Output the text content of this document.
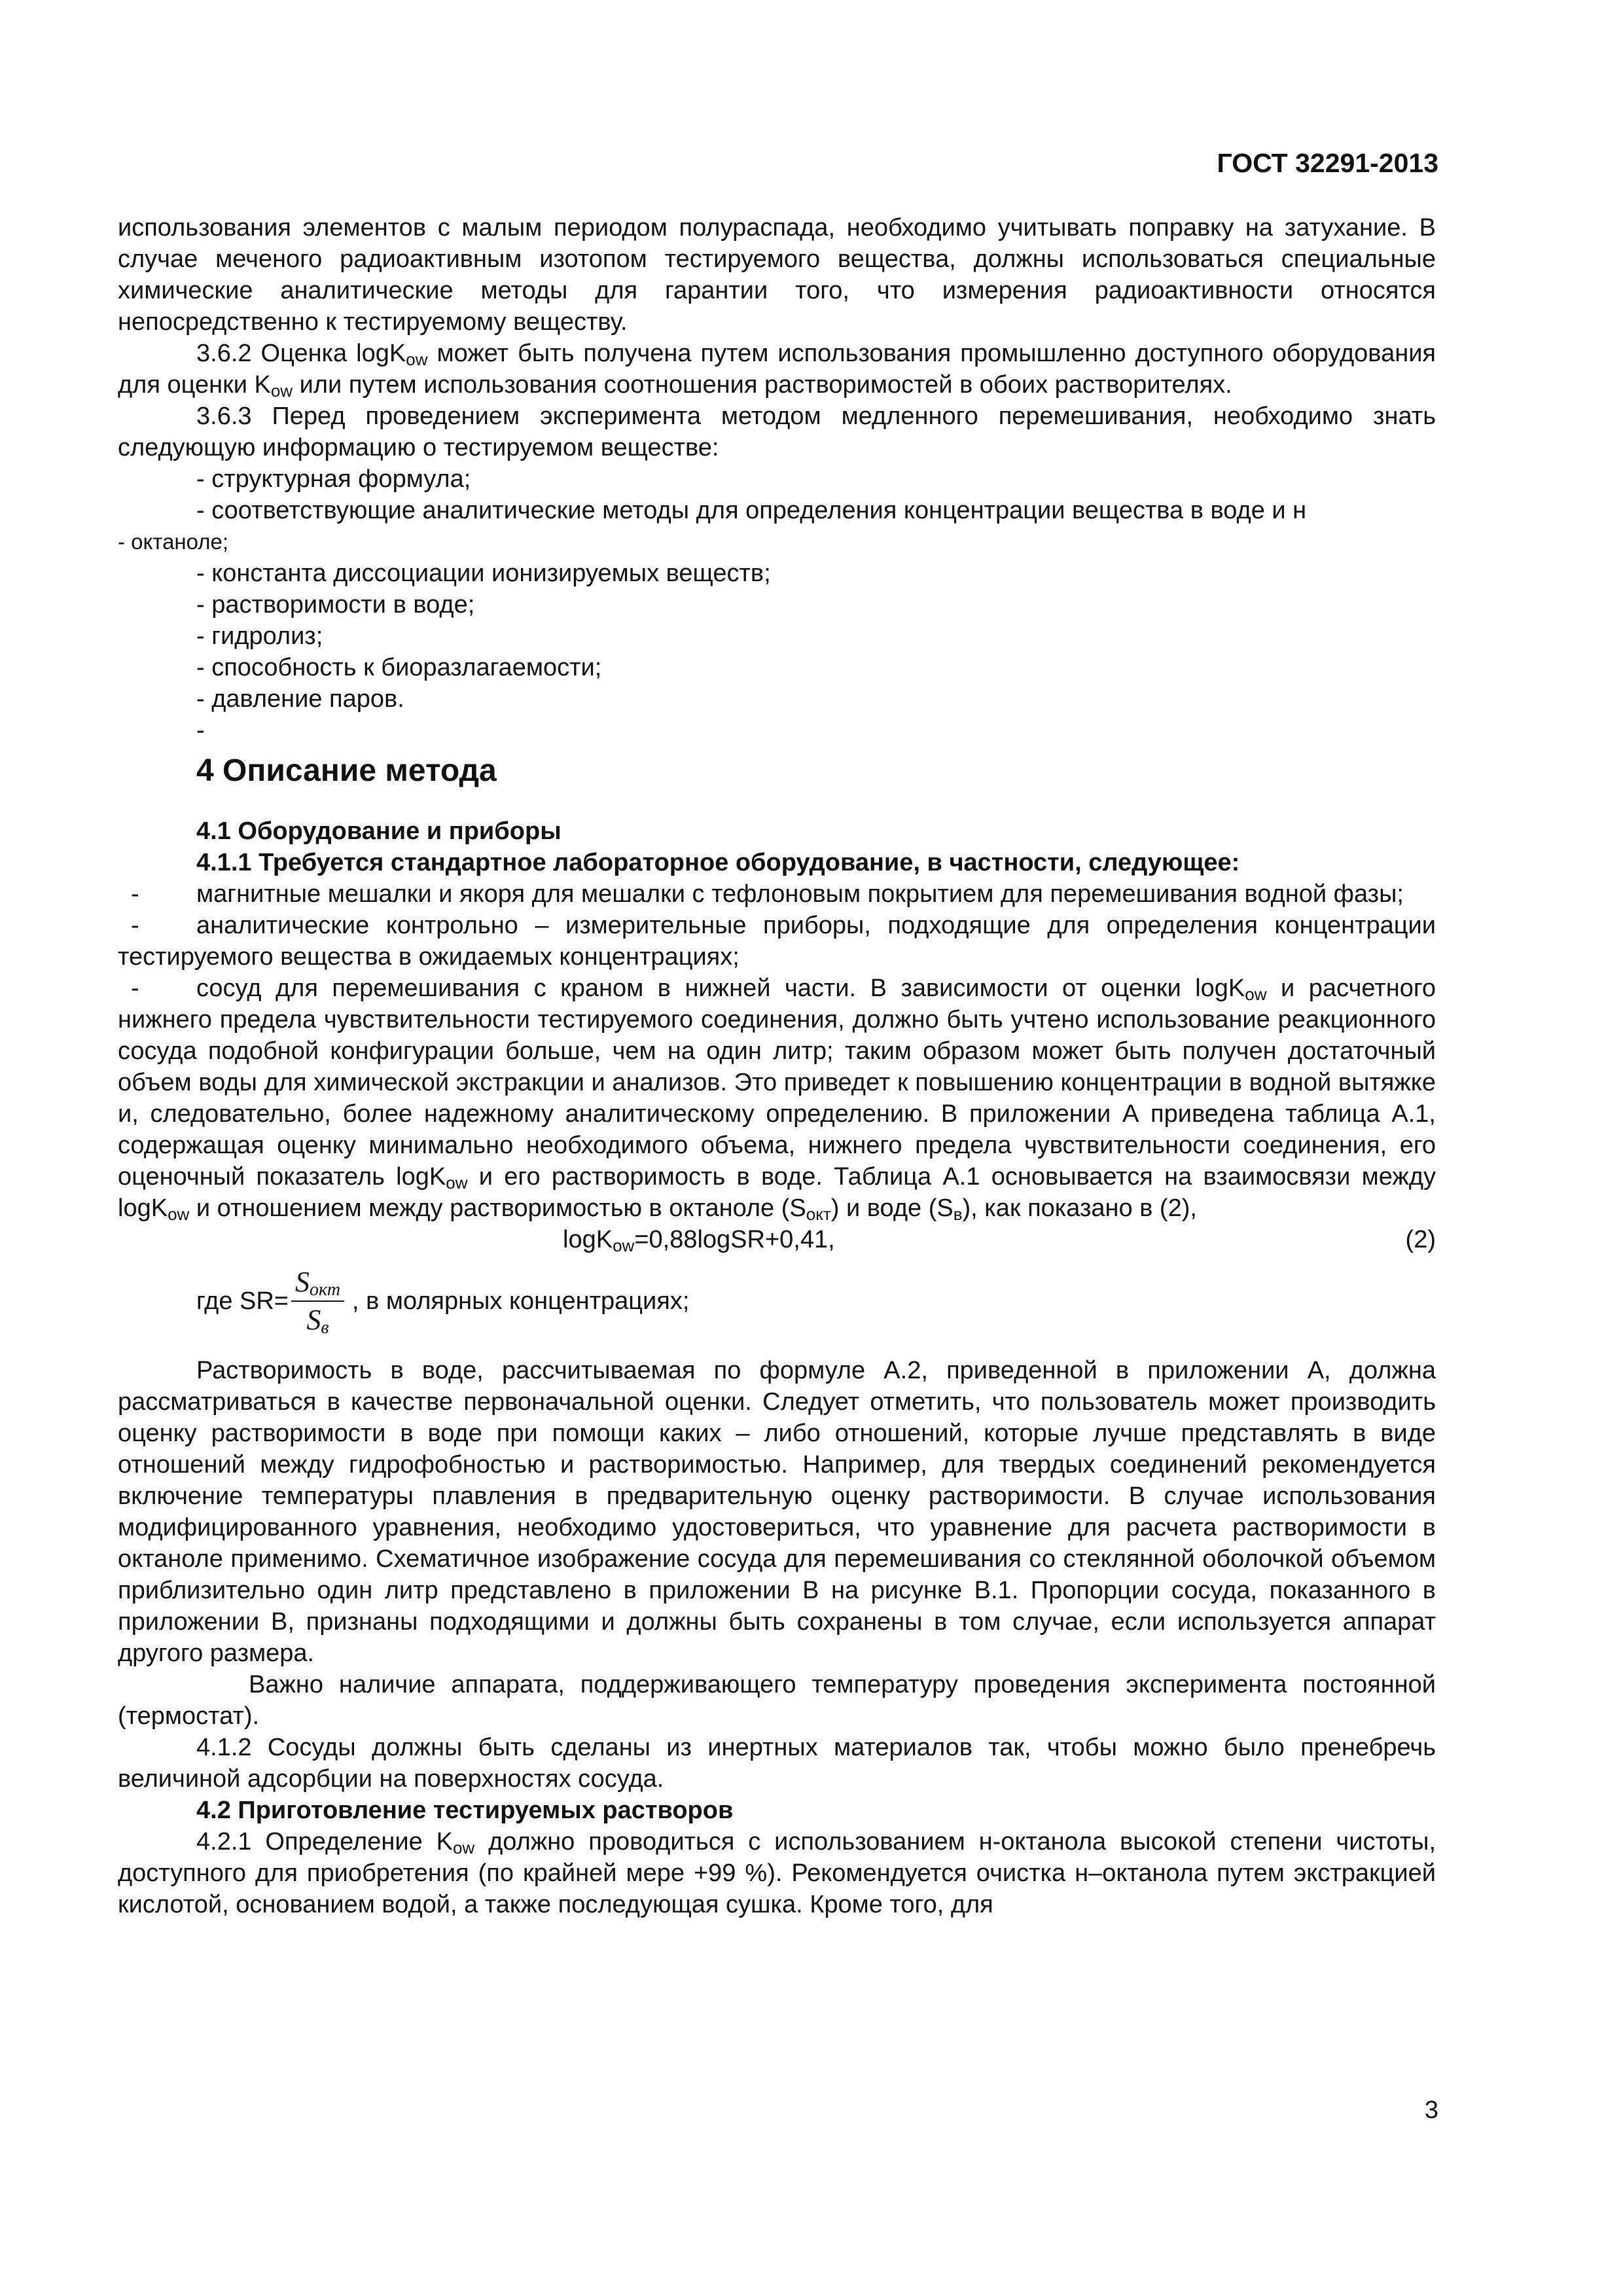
ГОСТ 32291-2013

использования элементов с малым периодом полураспада, необходимо учитывать поправку на затухание. В случае меченого радиоактивным изотопом тестируемого вещества, должны использоваться специальные химические аналитические методы для гарантии того, что измерения радиоактивности относятся непосредственно к тестируемому веществу.

3.6.2 Оценка logK$_{ow}$ может быть получена путем использования промышленно доступного оборудования для оценки $K_{ow}$ или путем использования соотношения растворимостей в обоих растворителях.

3.6.3 Перед проведением эксперимента методом медленного перемешивания, необходимо знать следующую информацию о тестируемом веществе:

- структурная формула;

- соответствующие аналитические методы для определения концентрации вещества в воде и н

- октаноле;

- константа диссоциации ионизируемых веществ;

- растворимости в воде;

- гидролиз;

- способность к биоразлагаемости;

- давление паров.

-

4 Описание метода

4.1 Оборудование и приборы

4.1.1 Требуется стандартное лабораторное оборудование, в частности, следующее:

- магнитные мешалки и якоря для мешалки с тефлоновым покрытием для перемешивания водной фазы;

- аналитические контрольно – измерительные приборы, подходящие для определения концентрации тестируемого вещества в ожидаемых концентрациях;

- сосуд для перемешивания с краном в нижней части. В зависимости от оценки logK$_{ow}$ и расчетного нижнего предела чувствительности тестируемого соединения, должно быть учтено использование реакционного сосуда подобной конфигурации больше, чем на один литр; таким образом может быть получен достаточный объем воды для химической экстракции и анализов. Это приведет к повышению концентрации в водной вытяжке и, следовательно, более надежному аналитическому определению. В приложении А приведена таблица А.1, содержащая оценку минимально необходимого объема, нижнего предела чувствительности соединения, его оценочный показатель logK$_{ow}$ и его растворимость в воде. Таблица А.1 основывается на взаимосвязи между logK$_{ow}$ и отношением между растворимостью в октаноле $(S_{окт})$ и воде $(S_в)$, как показано в (2),

logK$_{ow}$=0,88logSR+0,41,	(2)
где $SR= \frac{S_{окт}}{S_в}$ , в молярных концентрациях;

Растворимость в воде, рассчитываемая по формуле А.2, приведенной в приложении А, должна рассматриваться в качестве первоначальной оценки. Следует отметить, что пользователь может производить оценку растворимости в воде при помощи каких – либо отношений, которые лучше представлять в виде отношений между гидрофобностью и растворимостью. Например, для твердых соединений рекомендуется включение температуры плавления в предварительную оценку растворимости. В случае использования модифицированного уравнения, необходимо удостовериться, что уравнение для расчета растворимости в октаноле применимо. Схематичное изображение сосуда для перемешивания со стеклянной оболочкой объемом приблизительно один литр представлено в приложении В на рисунке В.1. Пропорции сосуда, показанного в приложении В, признаны подходящими и должны быть сохранены в том случае, если используется аппарат другого размера.

Важно наличие аппарата, поддерживающего температуру проведения эксперимента постоянной (термостат).

4.1.2 Сосуды должны быть сделаны из инертных материалов так, чтобы можно было пренебречь величиной адсорбции на поверхностях сосуда.

4.2 Приготовление тестируемых растворов

4.2.1 Определение $K_{ow}$ должно проводиться с использованием н-октанола высокой степени чистоты, доступного для приобретения (по крайней мере +99 %). Рекомендуется очистка н–октанола путем экстракцией кислотой, основанием водой, а также последующая сушка. Кроме того, для

3
